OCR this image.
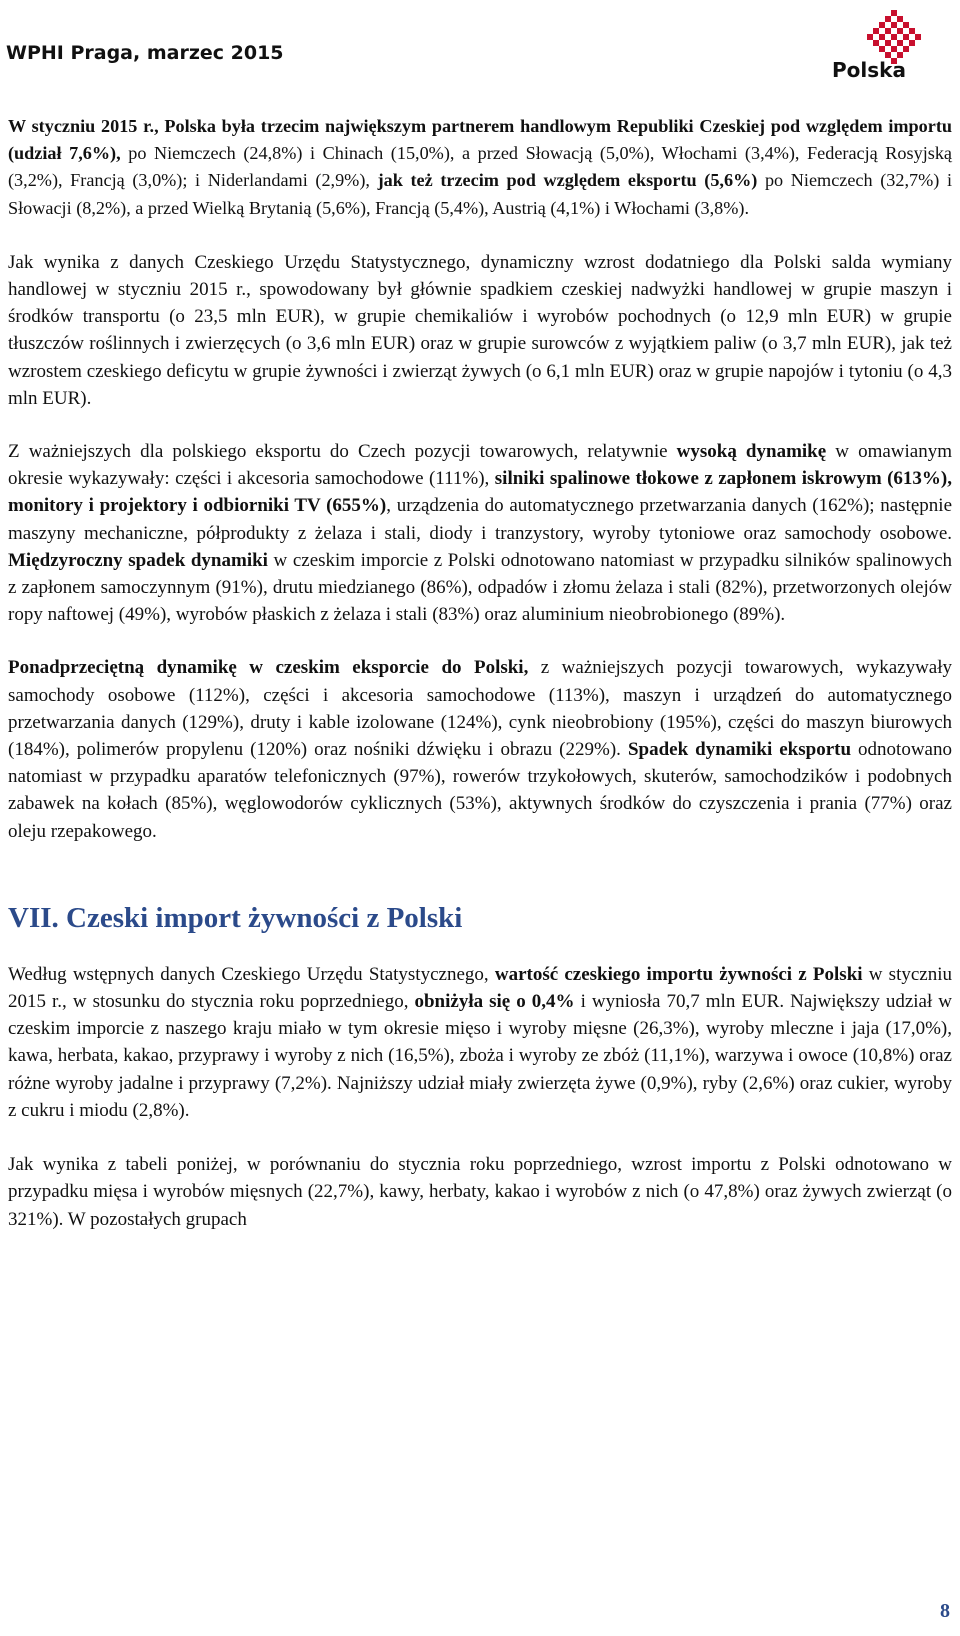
WPHI Praga, marzec 2015
Polska

W styczniu 2015 r., Polska była trzecim największym partnerem handlowym Republiki Czeskiej pod względem importu (udział 7,6%), po Niemczech (24,8%) i Chinach (15,0%), a przed Słowacją (5,0%), Włochami (3,4%), Federacją Rosyjską (3,2%), Francją (3,0%); i Niderlandami (2,9%), jak też trzecim pod względem eksportu (5,6%) po Niemczech (32,7%) i Słowacji (8,2%), a przed Wielką Brytanią (5,6%), Francją (5,4%), Austrią (4,1%) i Włochami (3,8%).

Jak wynika z danych Czeskiego Urzędu Statystycznego, dynamiczny wzrost dodatniego dla Polski salda wymiany handlowej w styczniu 2015 r., spowodowany był głównie spadkiem czeskiej nadwyżki handlowej w grupie maszyn i środków transportu (o 23,5 mln EUR), w grupie chemikaliów i wyrobów pochodnych (o 12,9 mln EUR) w grupie tłuszczów roślinnych i zwierzęcych (o 3,6 mln EUR) oraz w grupie surowców z wyjątkiem paliw (o 3,7 mln EUR), jak też wzrostem czeskiego deficytu w grupie żywności i zwierząt żywych (o 6,1 mln EUR) oraz w grupie napojów i tytoniu (o 4,3 mln EUR).

Z ważniejszych dla polskiego eksportu do Czech pozycji towarowych, relatywnie wysoką dynamikę w omawianym okresie wykazywały: części i akcesoria samochodowe (111%), silniki spalinowe tłokowe z zapłonem iskrowym (613%), monitory i projektory i odbiorniki TV (655%), urządzenia do automatycznego przetwarzania danych (162%); następnie maszyny mechaniczne, półprodukty z żelaza i stali, diody i tranzystory, wyroby tytoniowe oraz samochody osobowe. Międzyroczny spadek dynamiki w czeskim imporcie z Polski odnotowano natomiast w przypadku silników spalinowych z zapłonem samoczynnym (91%), drutu miedzianego (86%), odpadów i złomu żelaza i stali (82%), przetworzonych olejów ropy naftowej (49%), wyrobów płaskich z żelaza i stali (83%) oraz aluminium nieobrobionego (89%).

Ponadprzeciętną dynamikę w czeskim eksporcie do Polski, z ważniejszych pozycji towarowych, wykazywały samochody osobowe (112%), części i akcesoria samochodowe (113%), maszyn i urządzeń do automatycznego przetwarzania danych (129%), druty i kable izolowane (124%), cynk nieobrobiony (195%), części do maszyn biurowych (184%), polimerów propylenu (120%) oraz nośniki dźwięku i obrazu (229%). Spadek dynamiki eksportu odnotowano natomiast w przypadku aparatów telefonicznych (97%), rowerów trzykołowych, skuterów, samochodzików i podobnych zabawek na kołach (85%), węglowodorów cyklicznych (53%), aktywnych środków do czyszczenia i prania (77%) oraz oleju rzepakowego.

VII. Czeski import żywności z Polski

Według wstępnych danych Czeskiego Urzędu Statystycznego, wartość czeskiego importu żywności z Polski w styczniu 2015 r., w stosunku do stycznia roku poprzedniego, obniżyła się o 0,4% i wyniosła 70,7 mln EUR. Największy udział w czeskim imporcie z naszego kraju miało w tym okresie mięso i wyroby mięsne (26,3%), wyroby mleczne i jaja (17,0%), kawa, herbata, kakao, przyprawy i wyroby z nich (16,5%), zboża i wyroby ze zbóż (11,1%), warzywa i owoce (10,8%) oraz różne wyroby jadalne i przyprawy (7,2%). Najniższy udział miały zwierzęta żywe (0,9%), ryby (2,6%) oraz cukier, wyroby z cukru i miodu (2,8%).

Jak wynika z tabeli poniżej, w porównaniu do stycznia roku poprzedniego, wzrost importu z Polski odnotowano w przypadku mięsa i wyrobów mięsnych (22,7%), kawy, herbaty, kakao i wyrobów z nich (o 47,8%) oraz żywych zwierząt (o 321%). W pozostałych grupach

8
